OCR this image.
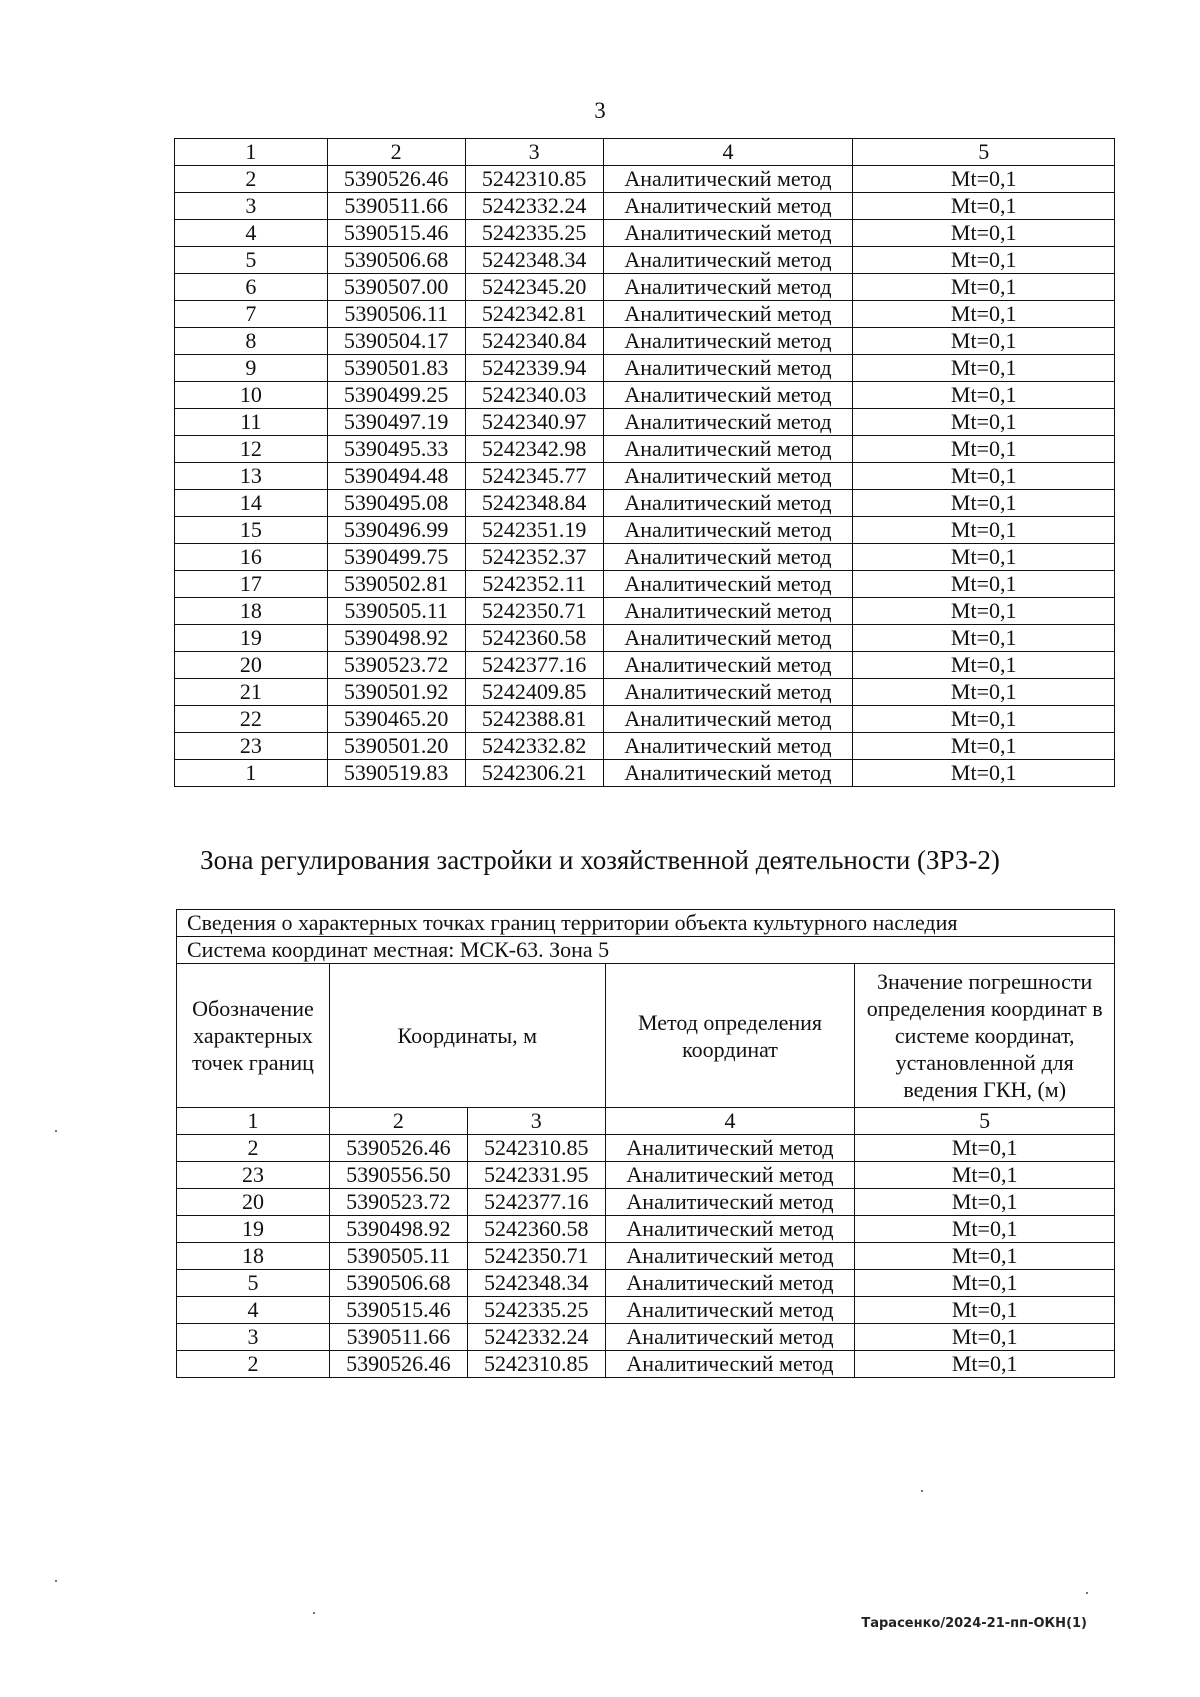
3
1	2	3	4	5
2	5390526.46	5242310.85	Аналитический метод	Mt=0,1
3	5390511.66	5242332.24	Аналитический метод	Mt=0,1
4	5390515.46	5242335.25	Аналитический метод	Mt=0,1
5	5390506.68	5242348.34	Аналитический метод	Mt=0,1
6	5390507.00	5242345.20	Аналитический метод	Mt=0,1
7	5390506.11	5242342.81	Аналитический метод	Mt=0,1
8	5390504.17	5242340.84	Аналитический метод	Mt=0,1
9	5390501.83	5242339.94	Аналитический метод	Mt=0,1
10	5390499.25	5242340.03	Аналитический метод	Mt=0,1
11	5390497.19	5242340.97	Аналитический метод	Mt=0,1
12	5390495.33	5242342.98	Аналитический метод	Mt=0,1
13	5390494.48	5242345.77	Аналитический метод	Mt=0,1
14	5390495.08	5242348.84	Аналитический метод	Mt=0,1
15	5390496.99	5242351.19	Аналитический метод	Mt=0,1
16	5390499.75	5242352.37	Аналитический метод	Mt=0,1
17	5390502.81	5242352.11	Аналитический метод	Mt=0,1
18	5390505.11	5242350.71	Аналитический метод	Mt=0,1
19	5390498.92	5242360.58	Аналитический метод	Mt=0,1
20	5390523.72	5242377.16	Аналитический метод	Mt=0,1
21	5390501.92	5242409.85	Аналитический метод	Mt=0,1
22	5390465.20	5242388.81	Аналитический метод	Mt=0,1
23	5390501.20	5242332.82	Аналитический метод	Mt=0,1
1	5390519.83	5242306.21	Аналитический метод	Mt=0,1
Зона регулирования застройки и хозяйственной деятельности (ЗРЗ-2)
Сведения о характерных точках границ территории объекта культурного наследия				
Система координат местная: МСК-63. Зона 5				
Обозначение характерных точек границ	Координаты, м		Метод определения координат	Значение погрешности определения координат в системе координат, установленной для ведения ГКН, (м)
1	2	3	4	5
2	5390526.46	5242310.85	Аналитический метод	Mt=0,1
23	5390556.50	5242331.95	Аналитический метод	Mt=0,1
20	5390523.72	5242377.16	Аналитический метод	Mt=0,1
19	5390498.92	5242360.58	Аналитический метод	Mt=0,1
18	5390505.11	5242350.71	Аналитический метод	Mt=0,1
5	5390506.68	5242348.34	Аналитический метод	Mt=0,1
4	5390515.46	5242335.25	Аналитический метод	Mt=0,1
3	5390511.66	5242332.24	Аналитический метод	Mt=0,1
2	5390526.46	5242310.85	Аналитический метод	Mt=0,1
Тарасенко/2024-21-пп-ОКН(1)
